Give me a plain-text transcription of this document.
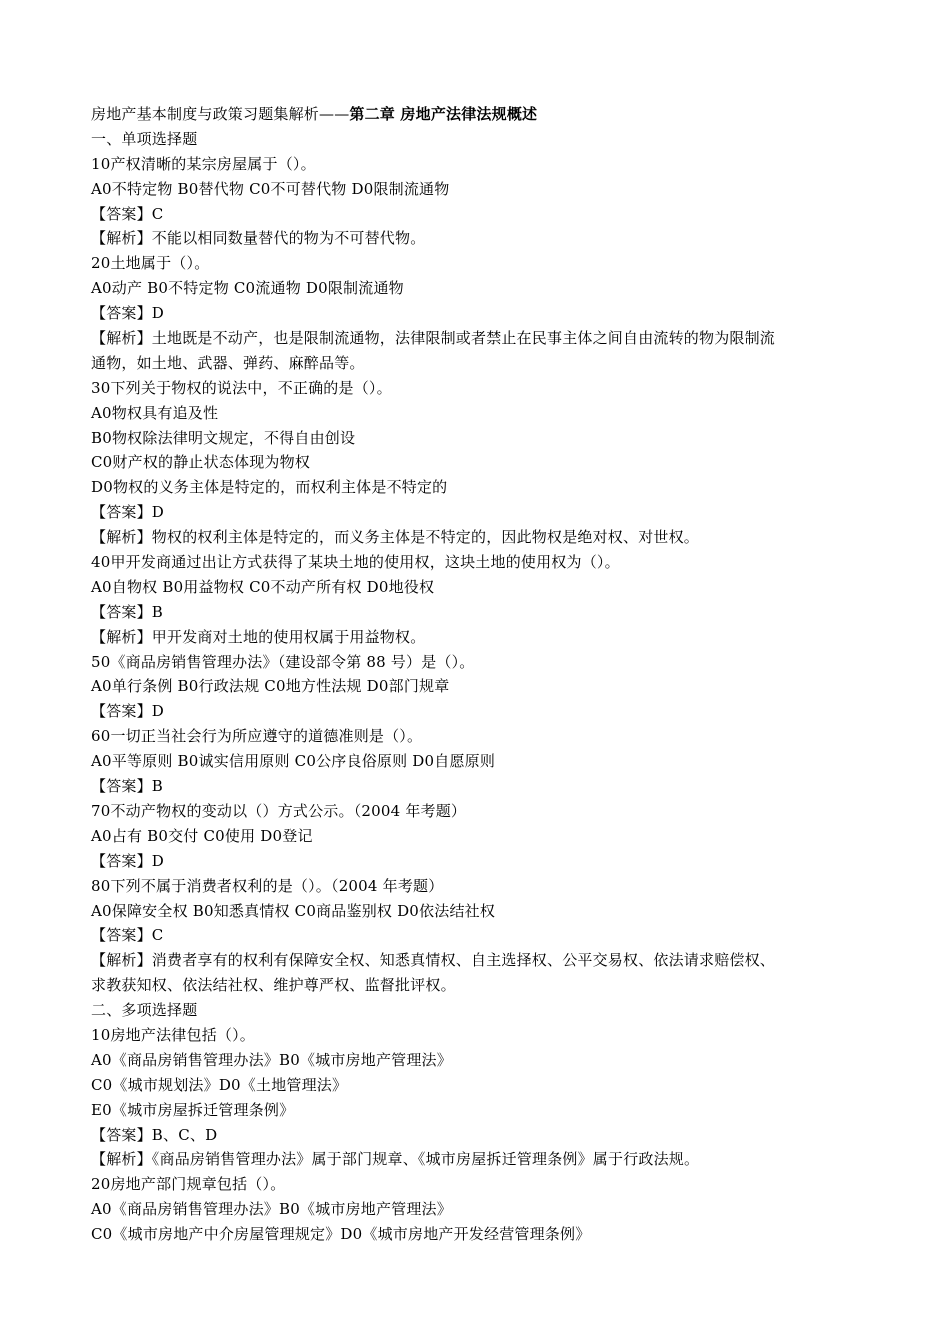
房地产基本制度与政策习题集解析——第二章 房地产法律法规概述
一、单项选择题
10产权清晰的某宗房屋属于（）。
A0不特定物 B0替代物 C0不可替代物 D0限制流通物
【答案】C
【解析】不能以相同数量替代的物为不可替代物。
20土地属于（）。
A0动产 B0不特定物 C0流通物 D0限制流通物
【答案】D
【解析】土地既是不动产，也是限制流通物，法律限制或者禁止在民事主体之间自由流转的物为限制流
通物，如土地、武器、弹药、麻醉品等。
30下列关于物权的说法中，不正确的是（）。
A0物权具有追及性
B0物权除法律明文规定，不得自由创设
C0财产权的静止状态体现为物权
D0物权的义务主体是特定的，而权利主体是不特定的
【答案】D
【解析】物权的权利主体是特定的，而义务主体是不特定的，因此物权是绝对权、对世权。
40甲开发商通过出让方式获得了某块土地的使用权，这块土地的使用权为（）。
A0自物权 B0用益物权 C0不动产所有权 D0地役权
【答案】B
【解析】甲开发商对土地的使用权属于用益物权。
50《商品房销售管理办法》（建设部令第 88 号）是（）。
A0单行条例 B0行政法规 C0地方性法规 D0部门规章
【答案】D
60一切正当社会行为所应遵守的道德准则是（）。
A0平等原则 B0诚实信用原则 C0公序良俗原则 D0自愿原则
【答案】B
70不动产物权的变动以（）方式公示。（2004 年考题）
A0占有 B0交付 C0使用 D0登记
【答案】D
80下列不属于消费者权利的是（）。（2004 年考题）
A0保障安全权 B0知悉真情权 C0商品鉴别权 D0依法结社权
【答案】C
【解析】消费者享有的权利有保障安全权、知悉真情权、自主选择权、公平交易权、依法请求赔偿权、
求教获知权、依法结社权、维护尊严权、监督批评权。
二、多项选择题
10房地产法律包括（）。
A0《商品房销售管理办法》B0《城市房地产管理法》
C0《城市规划法》D0《土地管理法》
E0《城市房屋拆迁管理条例》
【答案】B、C、D
【解析】《商品房销售管理办法》属于部门规章、《城市房屋拆迁管理条例》属于行政法规。
20房地产部门规章包括（）。
A0《商品房销售管理办法》B0《城市房地产管理法》
C0《城市房地产中介房屋管理规定》D0《城市房地产开发经营管理条例》
